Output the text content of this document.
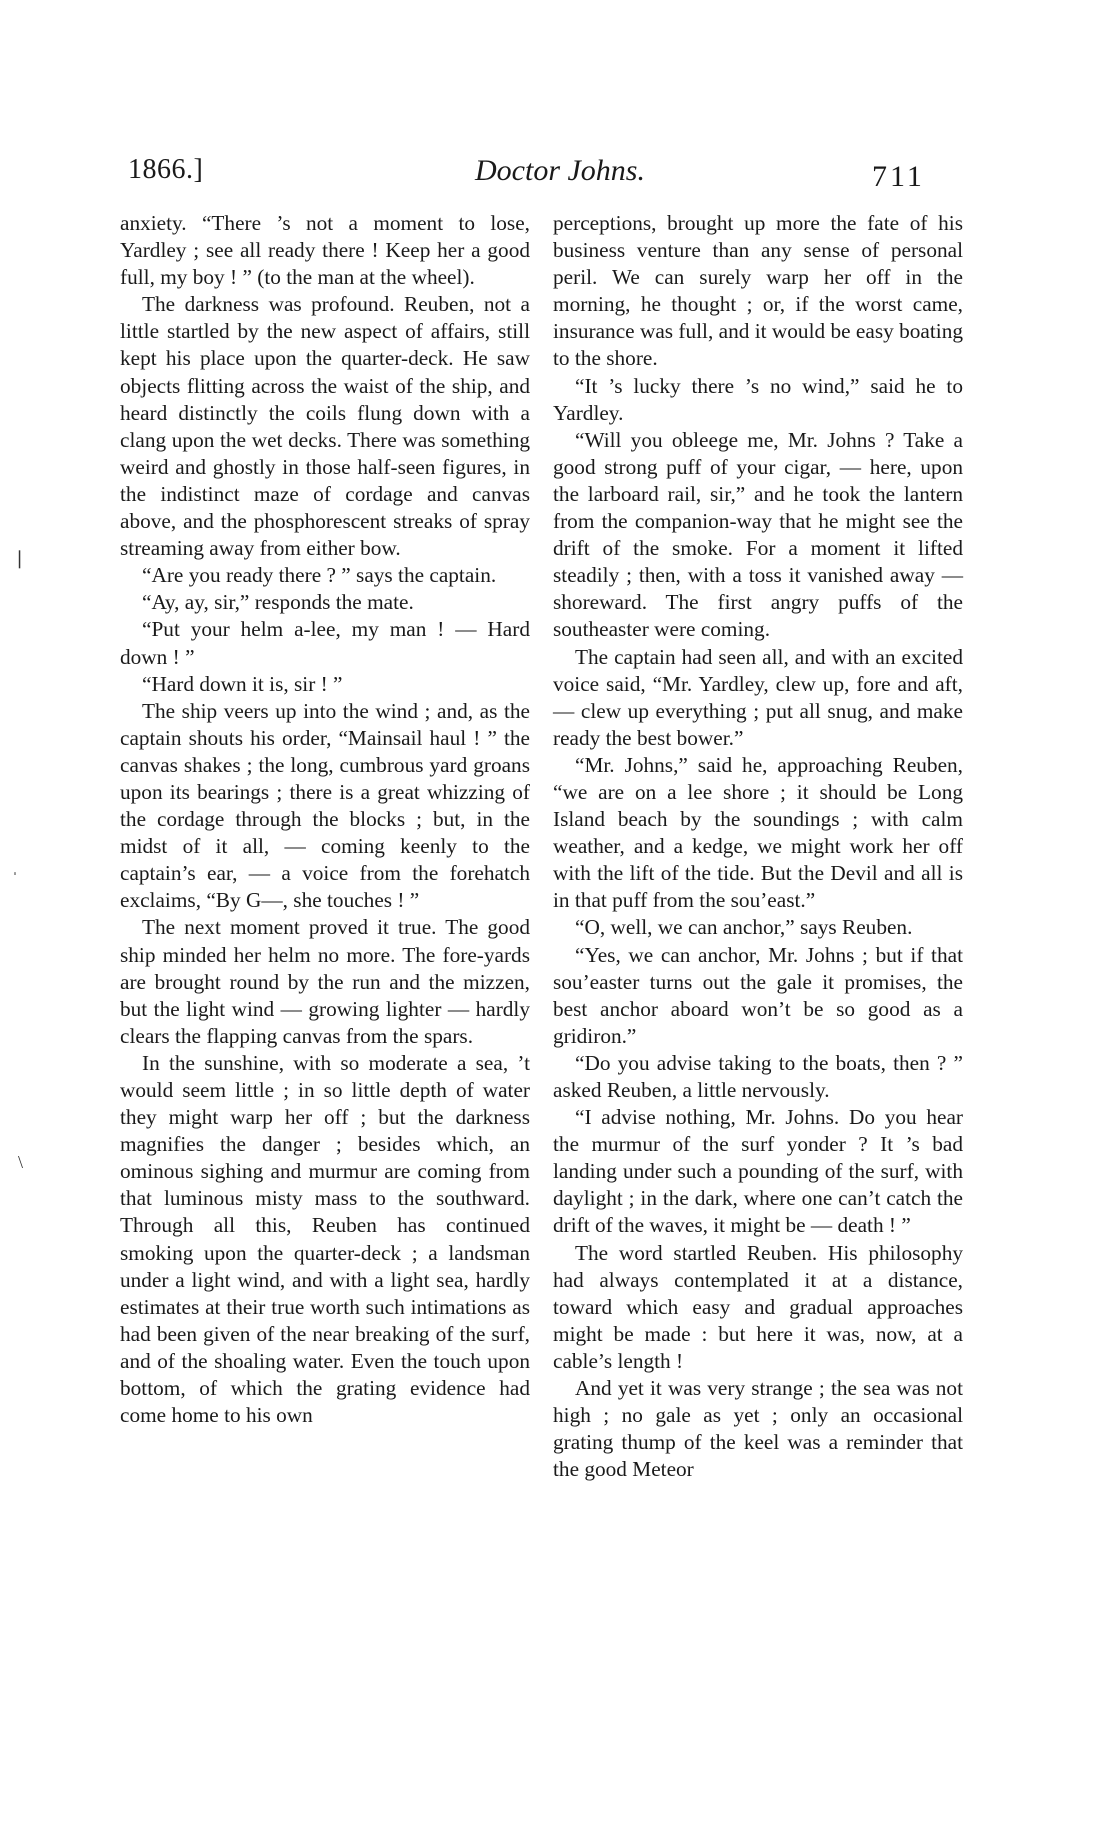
1866.]	Doctor Johns.	711
❘
ˌ
\

anxiety. “There ’s not a moment to lose, Yardley ; see all ready there ! Keep her a good full, my boy ! ” (to the man at the wheel).

The darkness was profound. Reuben, not a little startled by the new aspect of affairs, still kept his place upon the quarter-deck. He saw objects flitting across the waist of the ship, and heard distinctly the coils flung down with a clang upon the wet decks. There was something weird and ghostly in those half-seen figures, in the indistinct maze of cordage and canvas above, and the phosphorescent streaks of spray streaming away from either bow.

“Are you ready there ? ” says the captain.

“Ay, ay, sir,” responds the mate.

“Put your helm a-lee, my man ! — Hard down ! ”

“Hard down it is, sir ! ”

The ship veers up into the wind ; and, as the captain shouts his order, “Mainsail haul ! ” the canvas shakes ; the long, cumbrous yard groans upon its bearings ; there is a great whizzing of the cordage through the blocks ; but, in the midst of it all, — coming keenly to the captain’s ear, — a voice from the forehatch exclaims, “By G—, she touches ! ”

The next moment proved it true. The good ship minded her helm no more. The fore-yards are brought round by the run and the mizzen, but the light wind — growing lighter — hardly clears the flapping canvas from the spars.

In the sunshine, with so moderate a sea, ’t would seem little ; in so little depth of water they might warp her off ; but the darkness magnifies the danger ; besides which, an ominous sighing and murmur are coming from that luminous misty mass to the southward. Through all this, Reuben has continued smoking upon the quarter-deck ; a landsman under a light wind, and with a light sea, hardly estimates at their true worth such intimations as had been given of the near breaking of the surf, and of the shoaling water. Even the touch upon bottom, of which the grating evidence had come home to his own

perceptions, brought up more the fate of his business venture than any sense of personal peril. We can surely warp her off in the morning, he thought ; or, if the worst came, insurance was full, and it would be easy boating to the shore.

“It ’s lucky there ’s no wind,” said he to Yardley.

“Will you obleege me, Mr. Johns ? Take a good strong puff of your cigar, — here, upon the larboard rail, sir,” and he took the lantern from the companion-way that he might see the drift of the smoke. For a moment it lifted steadily ; then, with a toss it vanished away — shoreward. The first angry puffs of the southeaster were coming.

The captain had seen all, and with an excited voice said, “Mr. Yardley, clew up, fore and aft, — clew up everything ; put all snug, and make ready the best bower.”

“Mr. Johns,” said he, approaching Reuben, “we are on a lee shore ; it should be Long Island beach by the soundings ; with calm weather, and a kedge, we might work her off with the lift of the tide. But the Devil and all is in that puff from the sou’east.”

“O, well, we can anchor,” says Reuben.

“Yes, we can anchor, Mr. Johns ; but if that sou’easter turns out the gale it promises, the best anchor aboard won’t be so good as a gridiron.”

“Do you advise taking to the boats, then ? ” asked Reuben, a little nervously.

“I advise nothing, Mr. Johns. Do you hear the murmur of the surf yonder ? It ’s bad landing under such a pounding of the surf, with daylight ; in the dark, where one can’t catch the drift of the waves, it might be — death ! ”

The word startled Reuben. His philosophy had always contemplated it at a distance, toward which easy and gradual approaches might be made : but here it was, now, at a cable’s length !

And yet it was very strange ; the sea was not high ; no gale as yet ; only an occasional grating thump of the keel was a reminder that the good Meteor
